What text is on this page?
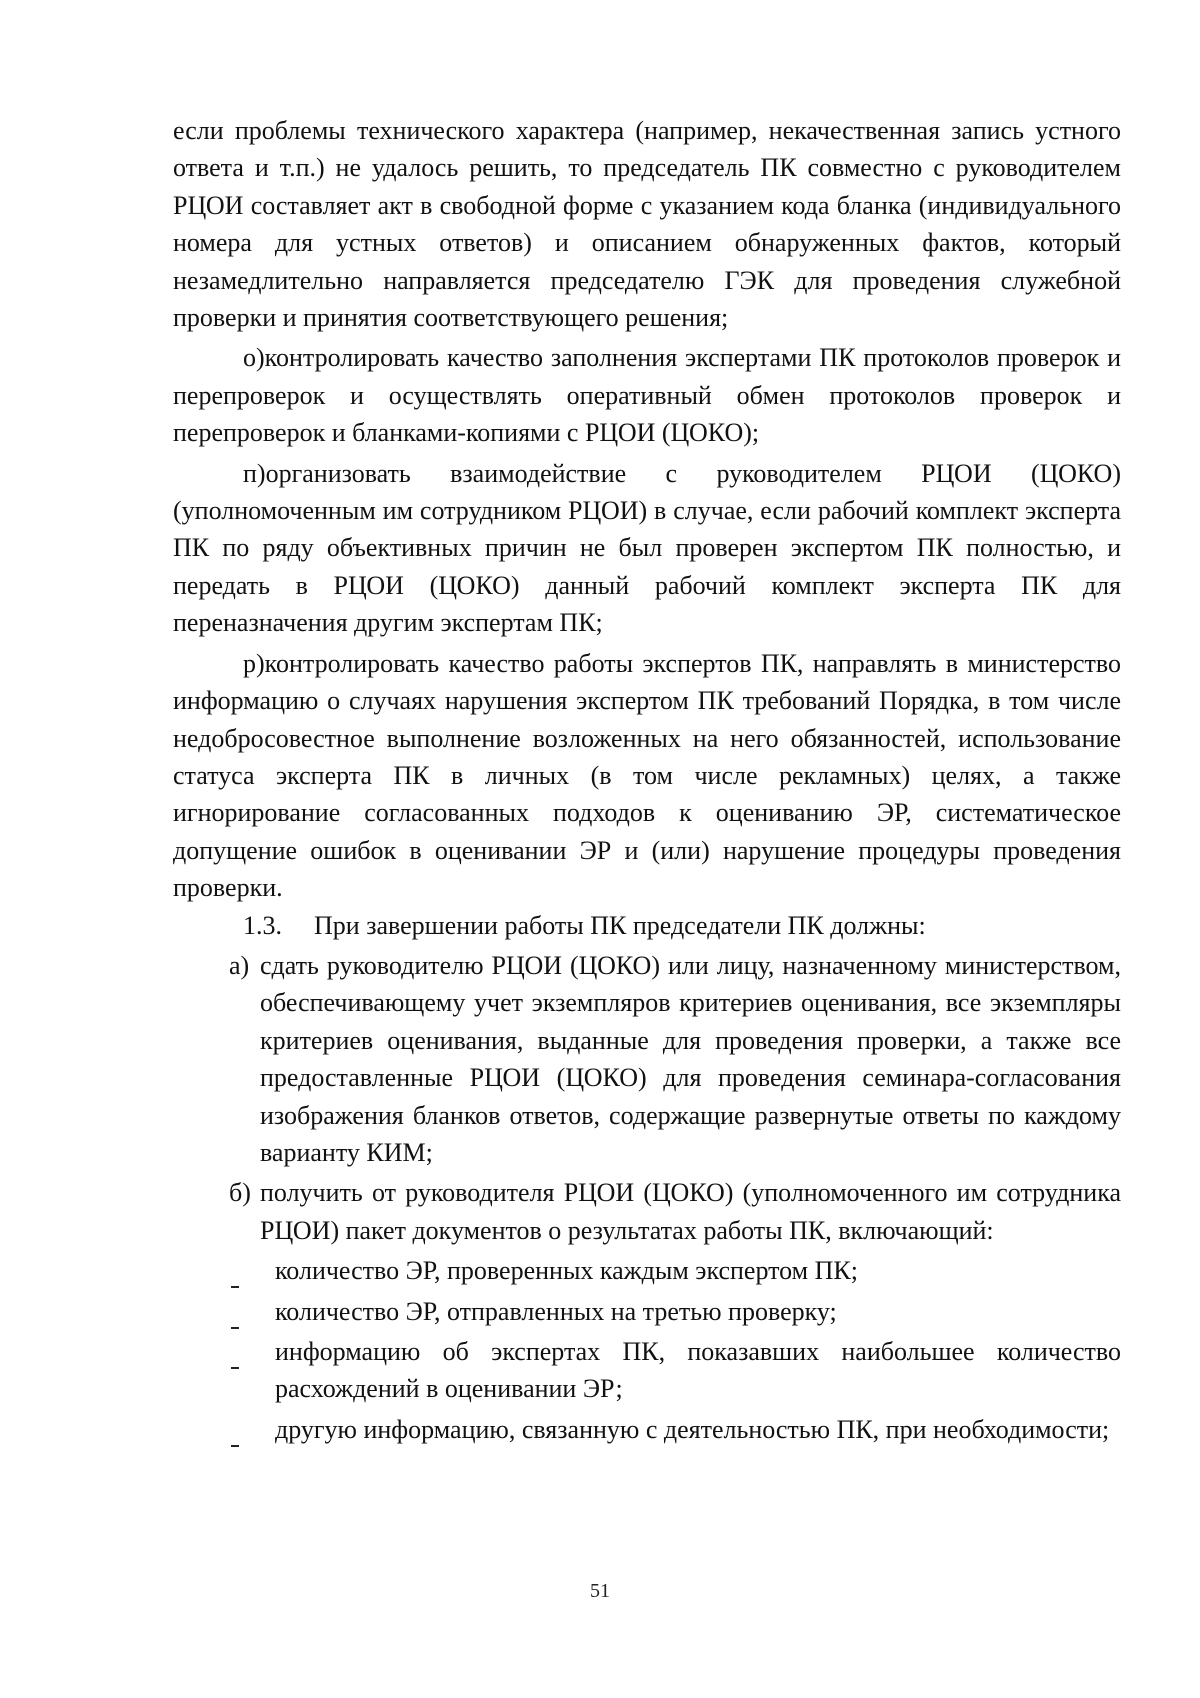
если проблемы технического характера (например, некачественная запись устного ответа и т.п.) не удалось решить, то председатель ПК совместно с руководителем РЦОИ составляет акт в свободной форме с указанием кода бланка (индивидуального номера для устных ответов) и описанием обнаруженных фактов, который незамедлительно направляется председателю ГЭК для проведения служебной проверки и принятия соответствующего решения;

о)контролировать качество заполнения экспертами ПК протоколов проверок и перепроверок и осуществлять оперативный обмен протоколов проверок и перепроверок и бланками-копиями с РЦОИ (ЦОКО);
п)организовать взаимодействие с руководителем РЦОИ (ЦОКО) (уполномоченным им сотрудником РЦОИ) в случае, если рабочий комплект эксперта ПК по ряду объективных причин не был проверен экспертом ПК полностью, и передать в РЦОИ (ЦОКО) данный рабочий комплект эксперта ПК для переназначения другим экспертам ПК;
р)контролировать качество работы экспертов ПК, направлять в министерство информацию о случаях нарушения экспертом ПК требований Порядка, в том числе недобросовестное выполнение возложенных на него обязанностей, использование статуса эксперта ПК в личных (в том числе рекламных) целях, а также игнорирование согласованных подходов к оцениванию ЭР, систематическое допущение ошибок в оценивании ЭР и (или) нарушение процедуры проведения проверки.
1.3.	При завершении работы ПК председатели ПК должны:
а) сдать руководителю РЦОИ (ЦОКО) или лицу, назначенному министерством, обеспечивающему учет экземпляров критериев оценивания, все экземпляры критериев оценивания, выданные для проведения проверки, а также все предоставленные РЦОИ (ЦОКО) для проведения семинара-согласования изображения бланков ответов, содержащие развернутые ответы по каждому варианту КИМ;
б) получить от руководителя РЦОИ (ЦОКО) (уполномоченного им сотрудника РЦОИ) пакет документов о результатах работы ПК, включающий:
количество ЭР, проверенных каждым экспертом ПК;
количество ЭР, отправленных на третью проверку;
информацию об экспертах ПК, показавших наибольшее количество расхождений в оценивании ЭР;
другую информацию, связанную с деятельностью ПК, при необходимости;
51
